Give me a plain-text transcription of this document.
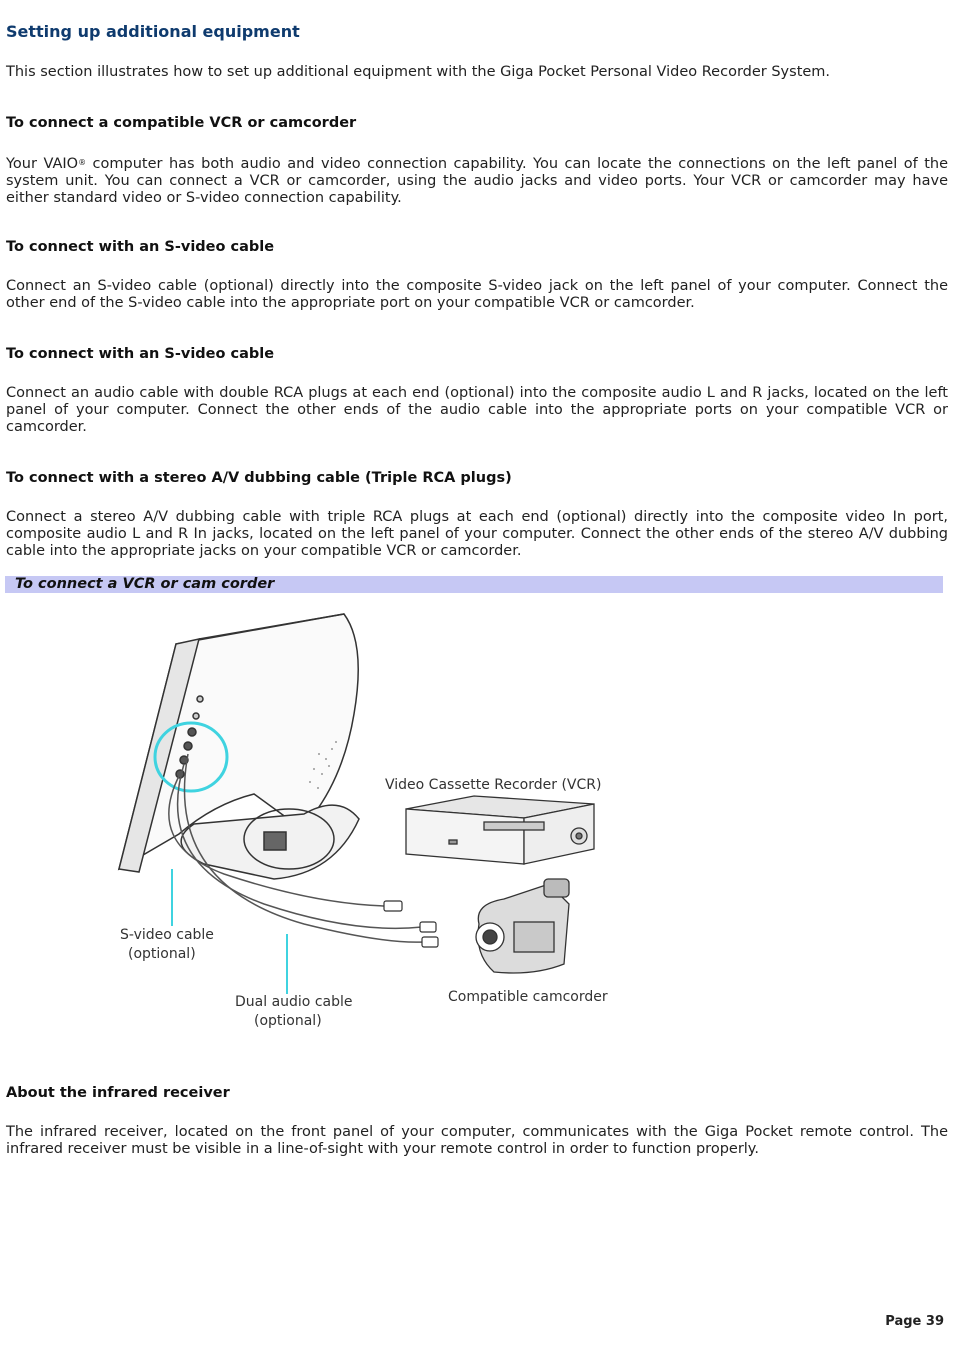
Setting up additional equipment

This section illustrates how to set up additional equipment with the Giga Pocket Personal Video Recorder System.

To connect a compatible VCR or camcorder

Your VAIO® computer has both audio and video connection capability. You can locate the connections on the left panel of the system unit. You can connect a VCR or camcorder, using the audio jacks and video ports. Your VCR or camcorder may have either standard video or S-video connection capability.

To connect with an S-video cable

Connect an S-video cable (optional) directly into the composite S-video jack on the left panel of your computer. Connect the other end of the S-video cable into the appropriate port on your compatible VCR or camcorder.

To connect with an S-video cable

Connect an audio cable with double RCA plugs at each end (optional) into the composite audio L and R jacks, located on the left panel of your computer. Connect the other ends of the audio cable into the appropriate ports on your compatible VCR or camcorder.

To connect with a stereo A/V dubbing cable (Triple RCA plugs)

Connect a stereo A/V dubbing cable with triple RCA plugs at each end (optional) directly into the composite video In port, composite audio L and R In jacks, located on the left panel of your computer. Connect the other ends of the stereo A/V dubbing cable into the appropriate jacks on your compatible VCR or camcorder.

To connect a VCR or cam corder
Video Cassette Recorder (VCR)
S-video cable
(optional)
Dual audio cable
(optional)
Compatible camcorder
About the infrared receiver

The infrared receiver, located on the front panel of your computer, communicates with the Giga Pocket remote control. The infrared receiver must be visible in a line-of-sight with your remote control in order to function properly.

Page 39
